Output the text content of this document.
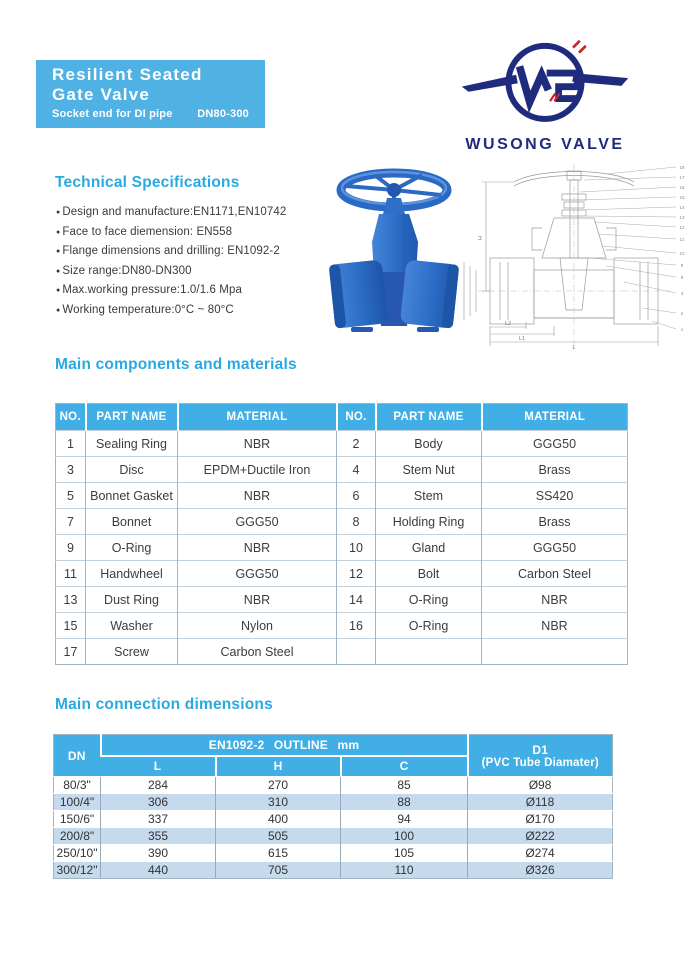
Resilient Seated
Gate Valve
Socket end for DI pipe DN80-300
WUSONG VALVE
Technical Specifications
● Design and manufacture:EN1171,EN10742
● Face to face diemension: EN558
● Flange dimensions and drilling: EN1092-2
● Size range:DN80-DN300
● Max.working pressure:1.0/1.6 Mpa
● Working temperature:0°C ~ 80°C
H
L
L1
L2
18
17
16
15
14
13
12
11
10
9
8
3
2
1
Main components and materials
NO.	PART NAME	MATERIAL	NO.	PART NAME	MATERIAL
1	Sealing Ring	NBR	2	Body	GGG50
3	Disc	EPDM+Ductile Iron	4	Stem Nut	Brass
5	Bonnet Gasket	NBR	6	Stem	SS420
7	Bonnet	GGG50	8	Holding Ring	Brass
9	O-Ring	NBR	10	Gland	GGG50
11	Handwheel	GGG50	12	Bolt	Carbon Steel
13	Dust Ring	NBR	14	O-Ring	NBR
15	Washer	Nylon	16	O-Ring	NBR
17	Screw	Carbon Steel			
Main connection dimensions
DN	EN1092-2 OUTLINE mm			D1
(PVC Tube Diamater)

	L	H	C	
80/3"	284	270	85	Ø98
100/4"	306	310	88	Ø118
150/6"	337	400	94	Ø170
200/8"	355	505	100	Ø222
250/10"	390	615	105	Ø274
300/12"	440	705	110	Ø326
